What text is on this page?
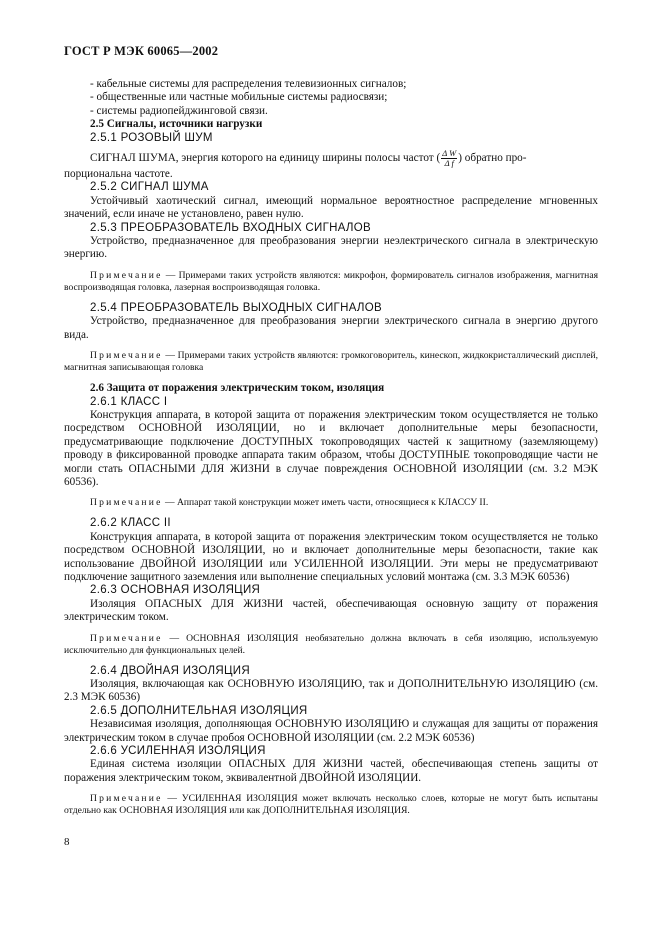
ГОСТ Р МЭК 60065—2002
- кабельные системы для распределения телевизионных сигналов;
- общественные или частные мобильные системы радиосвязи;
- системы радиопейджинговой связи.
2.5 Сигналы, источники нагрузки
2.5.1 РОЗОВЫЙ ШУМ
СИГНАЛ ШУМА, энергия которого на единицу ширины полосы частот ( $\frac{\text{Δ W}}{\text{Δ f}}$ ) обратно про-
порциональна частоте.
2.5.2 СИГНАЛ ШУМА
Устойчивый хаотический сигнал, имеющий нормальное вероятностное распределение мгновенных значений, если иначе не установлено, равен нулю.
2.5.3 ПРЕОБРАЗОВАТЕЛЬ ВХОДНЫХ СИГНАЛОВ
Устройство, предназначенное для преобразования энергии неэлектрического сигнала в электрическую энергию.
Примечание — Примерами таких устройств являются: микрофон, формирователь сигналов изображения, магнитная воспроизводящая головка, лазерная воспроизводящая головка.
2.5.4 ПРЕОБРАЗОВАТЕЛЬ ВЫХОДНЫХ СИГНАЛОВ
Устройство, предназначенное для преобразования энергии электрического сигнала в энергию другого вида.
Примечание — Примерами таких устройств являются: громкоговоритель, кинескоп, жидкокристаллический дисплей, магнитная записывающая головка
2.6 Защита от поражения электрическим током, изоляция
2.6.1 КЛАСС I
Конструкция аппарата, в которой защита от поражения электрическим током осуществляется не только посредством ОСНОВНОЙ ИЗОЛЯЦИИ, но и включает дополнительные меры безопасности, предусматривающие подключение ДОСТУПНЫХ токопроводящих частей к защитному (заземляющему) проводу в фиксированной проводке аппарата таким образом, чтобы ДОСТУПНЫЕ токопроводящие части не могли стать ОПАСНЫМИ ДЛЯ ЖИЗНИ в случае повреждения ОСНОВНОЙ ИЗОЛЯЦИИ (см. 3.2 МЭК 60536).
Примечание — Аппарат такой конструкции может иметь части, относящиеся к КЛАССУ II.
2.6.2 КЛАСС II
Конструкция аппарата, в которой защита от поражения электрическим током осуществляется не только посредством ОСНОВНОЙ ИЗОЛЯЦИИ, но и включает дополнительные меры безопасности, такие как использование ДВОЙНОЙ ИЗОЛЯЦИИ или УСИЛЕННОЙ ИЗОЛЯЦИИ. Эти меры не предусматривают подключение защитного заземления или выполнение специальных условий монтажа (см. 3.3 МЭК 60536)
2.6.3 ОСНОВНАЯ ИЗОЛЯЦИЯ
Изоляция ОПАСНЫХ ДЛЯ ЖИЗНИ частей, обеспечивающая основную защиту от поражения электрическим током.
Примечание — ОСНОВНАЯ ИЗОЛЯЦИЯ необязательно должна включать в себя изоляцию, используемую исключительно для функциональных целей.
2.6.4 ДВОЙНАЯ ИЗОЛЯЦИЯ
Изоляция, включающая как ОСНОВНУЮ ИЗОЛЯЦИЮ, так и ДОПОЛНИТЕЛЬНУЮ ИЗОЛЯЦИЮ (см. 2.3 МЭК 60536)
2.6.5 ДОПОЛНИТЕЛЬНАЯ ИЗОЛЯЦИЯ
Независимая изоляция, дополняющая ОСНОВНУЮ ИЗОЛЯЦИЮ и служащая для защиты от поражения электрическим током в случае пробоя ОСНОВНОЙ ИЗОЛЯЦИИ (см. 2.2 МЭК 60536)
2.6.6 УСИЛЕННАЯ ИЗОЛЯЦИЯ
Единая система изоляции ОПАСНЫХ ДЛЯ ЖИЗНИ частей, обеспечивающая степень защиты от поражения электрическим током, эквивалентной ДВОЙНОЙ ИЗОЛЯЦИИ.
Примечание — УСИЛЕННАЯ ИЗОЛЯЦИЯ может включать несколько слоев, которые не могут быть испытаны отдельно как ОСНОВНАЯ ИЗОЛЯЦИЯ или как ДОПОЛНИТЕЛЬНАЯ ИЗОЛЯЦИЯ.
8
